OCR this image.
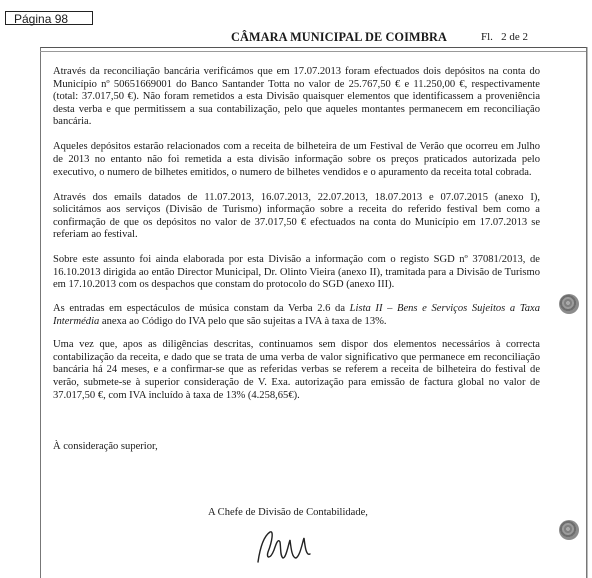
Página 98
CÂMARA MUNICIPAL DE COIMBRA	Fl.   2 de 2

Através da reconciliação bancária verificámos que em 17.07.2013 foram efectuados dois depósitos na conta do Município nº 50651669001 do Banco Santander Totta no valor de 25.767,50 € e 11.250,00 €, respectivamente (total: 37.017,50 €). Não foram remetidos a esta Divisão quaisquer elementos que identificassem a proveniência desta verba e que permitissem a sua contabilização, pelo que aqueles montantes permanecem em reconciliação bancária.

Aqueles depósitos estarão relacionados com a receita de bilheteira de um Festival de Verão que ocorreu em Julho de 2013 no entanto não foi remetida a esta divisão informação sobre os preços praticados autorizada pelo executivo, o numero de bilhetes emitidos, o numero de bilhetes vendidos e o apuramento da receita total cobrada.

Através dos emails datados de 11.07.2013, 16.07.2013, 22.07.2013, 18.07.2013 e 07.07.2015 (anexo I), solicitámos aos serviços (Divisão de Turismo) informação sobre a receita do referido festival bem como a confirmação de que os depósitos no valor de 37.017,50 € efectuados na conta do Município em 17.07.2013 se referiam ao festival.

Sobre este assunto foi ainda elaborada por esta Divisão a informação com o registo SGD nº 37081/2013, de 16.10.2013 dirigida ao então Director Municipal, Dr. Olinto Vieira (anexo II), tramitada para a Divisão de Turismo em 17.10.2013 com os despachos que constam do protocolo do SGD (anexo III).

As entradas em espectáculos de música constam da Verba 2.6 da Lista II – Bens e Serviços Sujeitos a Taxa Intermédia anexa ao Código do IVA pelo que são sujeitas a IVA à taxa de 13%.

Uma vez que, apos as diligências descritas, continuamos sem dispor dos elementos necessários à correcta contabilização da receita, e dado que se trata de uma verba de valor significativo que permanece em reconciliação bancária há 24 meses, e a confirmar-se que as referidas verbas se referem a receita de bilheteira do festival de verão, submete-se à superior consideração de V. Exa. autorização para emissão de factura global no valor de 37.017,50 €, com IVA incluído à taxa de 13% (4.258,65€).

À consideração superior,
A Chefe de Divisão de Contabilidade,
